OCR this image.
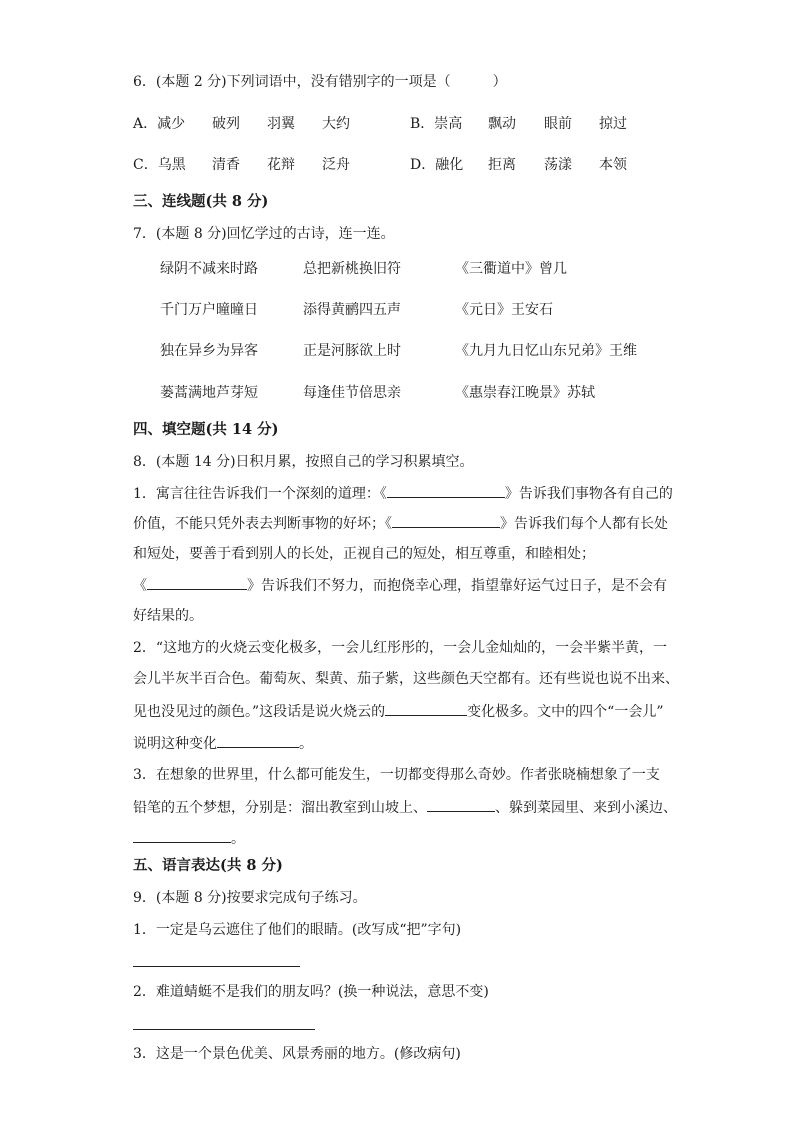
6．(本题 2 分)下列词语中，没有错别字的一项是（　　　）
A．减少 破列 羽翼 大约	B．崇高 飘动 眼前 掠过
C．乌黑 清香 花辩 泛舟	D．融化 拒离 荡漾 本领
三、连线题(共 8 分)
7．(本题 8 分)回忆学过的古诗，连一连。
绿阴不减来时路	总把新桃换旧符	《三衢道中》曾几
千门万户曈曈日	添得黄鹂四五声	《元日》王安石
独在异乡为异客	正是河豚欲上时	《九月九日忆山东兄弟》王维
蒌蒿满地芦芽短	每逢佳节倍思亲	《惠崇春江晚景》苏轼
四、填空题(共 14 分)
8．(本题 14 分)日积月累，按照自己的学习积累填空。
1．寓言往往告诉我们一个深刻的道理：《	》告诉我们事物各有自己的
价值，不能只凭外表去判断事物的好坏；《	》告诉我们每个人都有长处
和短处，要善于看到别人的长处，正视自己的短处，相互尊重，和睦相处；
《	》告诉我们不努力，而抱侥幸心理，指望靠好运气过日子，是不会有
好结果的。
2．“这地方的火烧云变化极多，一会儿红彤彤的，一会儿金灿灿的，一会半紫半黄，一
会儿半灰半百合色。葡萄灰、梨黄、茄子紫，这些颜色天空都有。还有些说也说不出来、
见也没见过的颜色。”这段话是说火烧云的	变化极多。文中的四个“一会儿”
说明这种变化	。
3．在想象的世界里，什么都可能发生，一切都变得那么奇妙。作者张晓楠想象了一支
铅笔的五个梦想，分别是：溜出教室到山坡上、	、躲到菜园里、来到小溪边、
。
五、语言表达(共 8 分)
9．(本题 8 分)按要求完成句子练习。
1．一定是乌云遮住了他们的眼睛。(改写成“把”字句)
2．难道蜻蜓不是我们的朋友吗？(换一种说法，意思不变)
3．这是一个景色优美、风景秀丽的地方。(修改病句)
